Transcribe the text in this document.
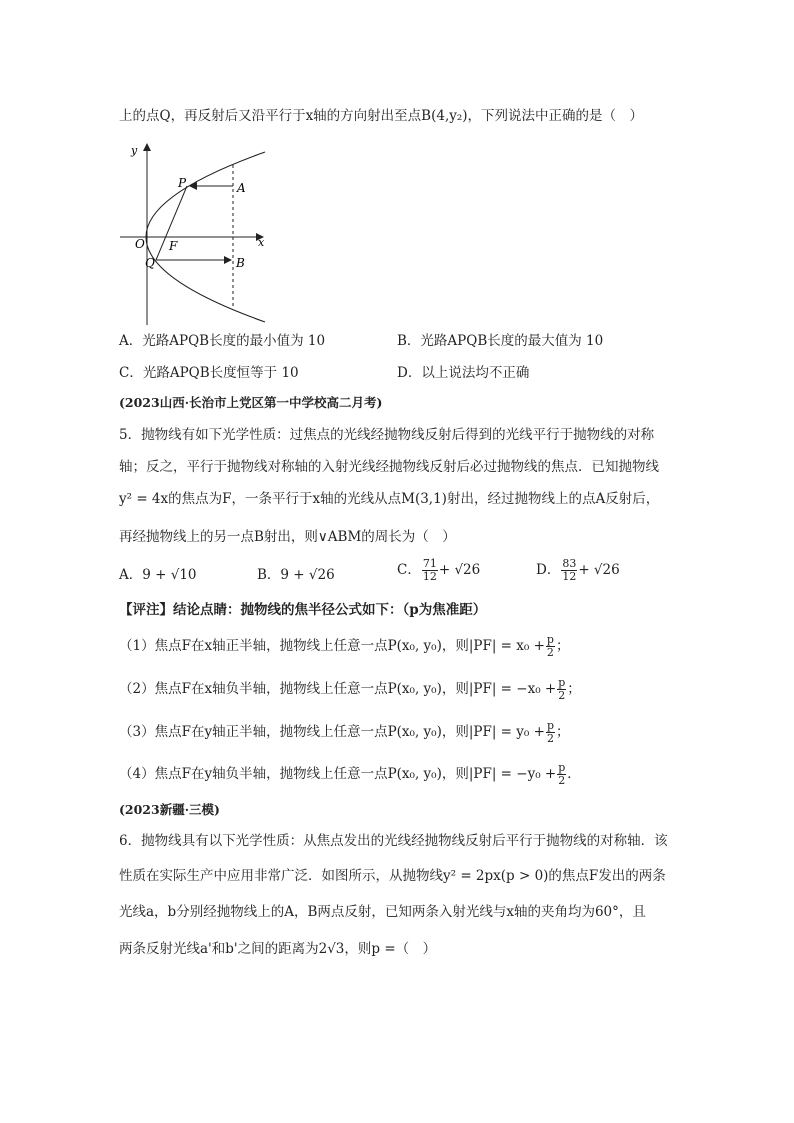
上的点Q，再反射后又沿平行于x轴的方向射出至点B(4,y₂)，下列说法中正确的是（　）
y
x
O F
P	A
Q	B
A．光路APQB长度的最小值为 10	B．光路APQB长度的最大值为 10
C．光路APQB长度恒等于 10	D．以上说法均不正确
(2023山西·长治市上党区第一中学校高二月考)
5．抛物线有如下光学性质：过焦点的光线经抛物线反射后得到的光线平行于抛物线的对称
轴；反之，平行于抛物线对称轴的入射光线经抛物线反射后必过抛物线的焦点．已知抛物线
y² = 4x的焦点为F，一条平行于x轴的光线从点M(3,1)射出，经过抛物线上的点A反射后，
再经抛物线上的另一点B射出，则∨ABM的周长为（　）
A．9 + √10	B．9 + √26	C． $\frac{71}{12} + √26$	D． $\frac{83}{12} + √26$
【评注】结论点睛：抛物线的焦半径公式如下：（p为焦准距）
（1）焦点F在x轴正半轴，抛物线上任意一点P(x₀, y₀)，则$|PF| = x_0 + \frac{p}{2}$ ；
（2）焦点F在x轴负半轴，抛物线上任意一点P(x₀, y₀)，则$|PF| = -x_0 + \frac{p}{2}$ ；
（3）焦点F在y轴正半轴，抛物线上任意一点P(x₀, y₀)，则$|PF| = y_0 + \frac{p}{2}$ ；
（4）焦点F在y轴负半轴，抛物线上任意一点P(x₀, y₀)，则$|PF| = -y_0 + \frac{p}{2}$ ．
(2023新疆·三模)
6．抛物线具有以下光学性质：从焦点发出的光线经抛物线反射后平行于抛物线的对称轴．该
性质在实际生产中应用非常广泛．如图所示，从抛物线y² = 2px(p > 0)的焦点F发出的两条
光线a，b分别经抛物线上的A，B两点反射，已知两条入射光线与x轴的夹角均为60°，且
两条反射光线a'和b'之间的距离为2√3，则p =（　）
